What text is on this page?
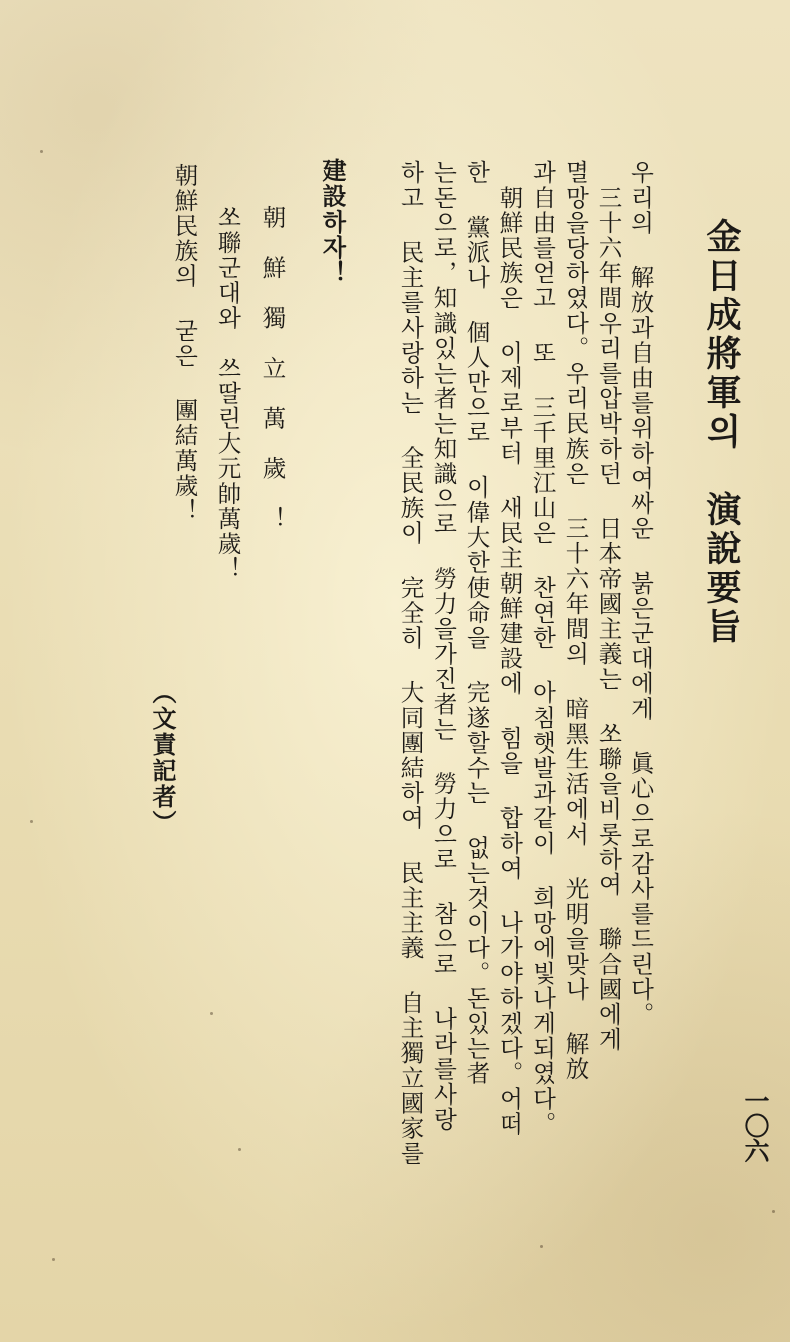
一〇六
金日成將軍의　演說要旨
우리의 解放과自由를위하여싸운 붉은군대에게 眞心으로감사를드린다。
　三十六年間우리를압박하던 日本帝國主義는 쏘聯을비롯하여 聯合國에게
멸망을당하였다。우리民族은 三十六年間의 暗黑生活에서 光明을맞나 解放
과自由를얻고 또 三千里江山은 찬연한 아침햇발과같이 희망에빛나게되였다。
　朝鮮民族은 이제로부터 새民主朝鮮建設에 힘을 합하여 나가야하겠다。어떠
한 黨派나 個人만으로 이偉大한使命을 完遂할수는 없는것이다。돈있는者
는돈으로，知識있는者는知識으로 勞力을가진者는 勞力으로 참으로 나라를사랑
하고 民主를사랑하는 全民族이 完全히 大同團結하여 民主主義 自主獨立國家를
建設하자！
朝　鮮　獨　立　萬　歲　！
쏘聯군대와　쓰딸린大元帥萬歲！
朝鮮民族의 굳은 團結萬歲！
（文責記者）
